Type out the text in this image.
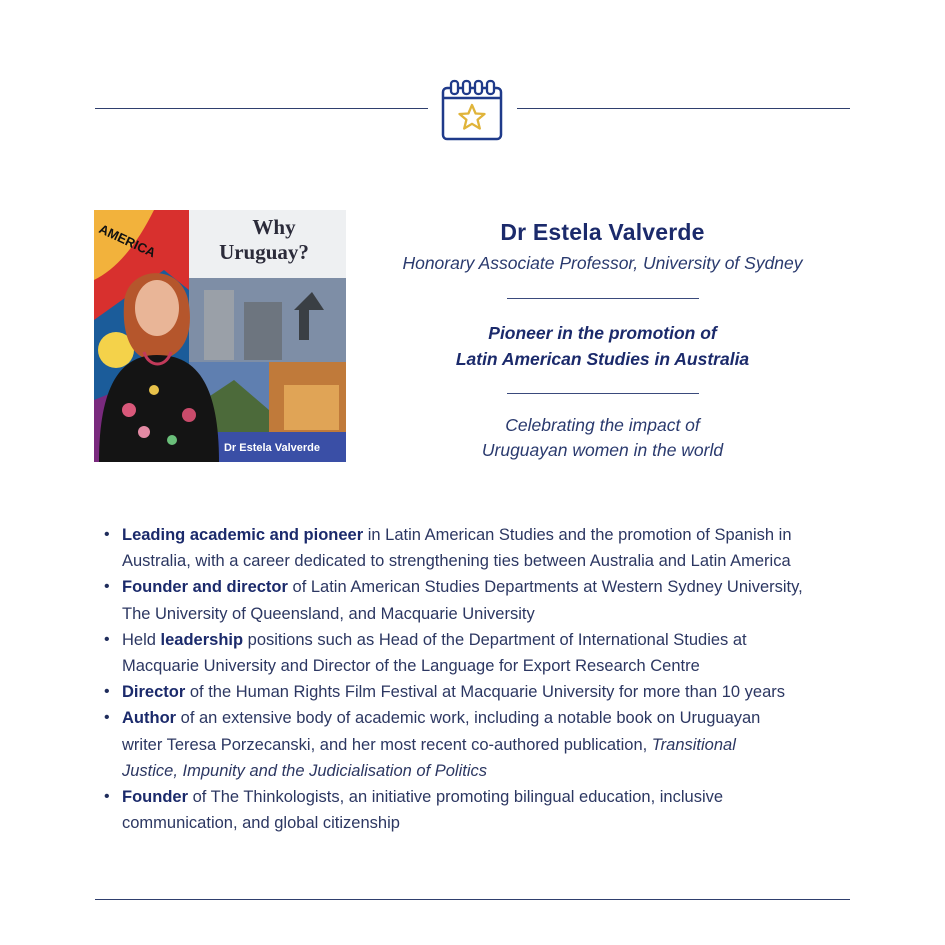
AMERICA	Why
Uruguay?
Dr Estela Valverde
Dr Estela Valverde
Honorary Associate Professor, University of Sydney
Pioneer in the promotion of
Latin American Studies in Australia
Celebrating the impact of
Uruguayan women in the world
• Leading academic and pioneer in Latin American Studies and the promotion of Spanish in
Australia, with a career dedicated to strengthening ties between Australia and Latin America
• Founder and director of Latin American Studies Departments at Western Sydney University,
The University of Queensland, and Macquarie University
• Held leadership positions such as Head of the Department of International Studies at
Macquarie University and Director of the Language for Export Research Centre
• Director of the Human Rights Film Festival at Macquarie University for more than 10 years
• Author of an extensive body of academic work, including a notable book on Uruguayan
writer Teresa Porzecanski, and her most recent co-authored publication, Transitional
Justice, Impunity and the Judicialisation of Politics
• Founder of The Thinkologists, an initiative promoting bilingual education, inclusive
communication, and global citizenship
